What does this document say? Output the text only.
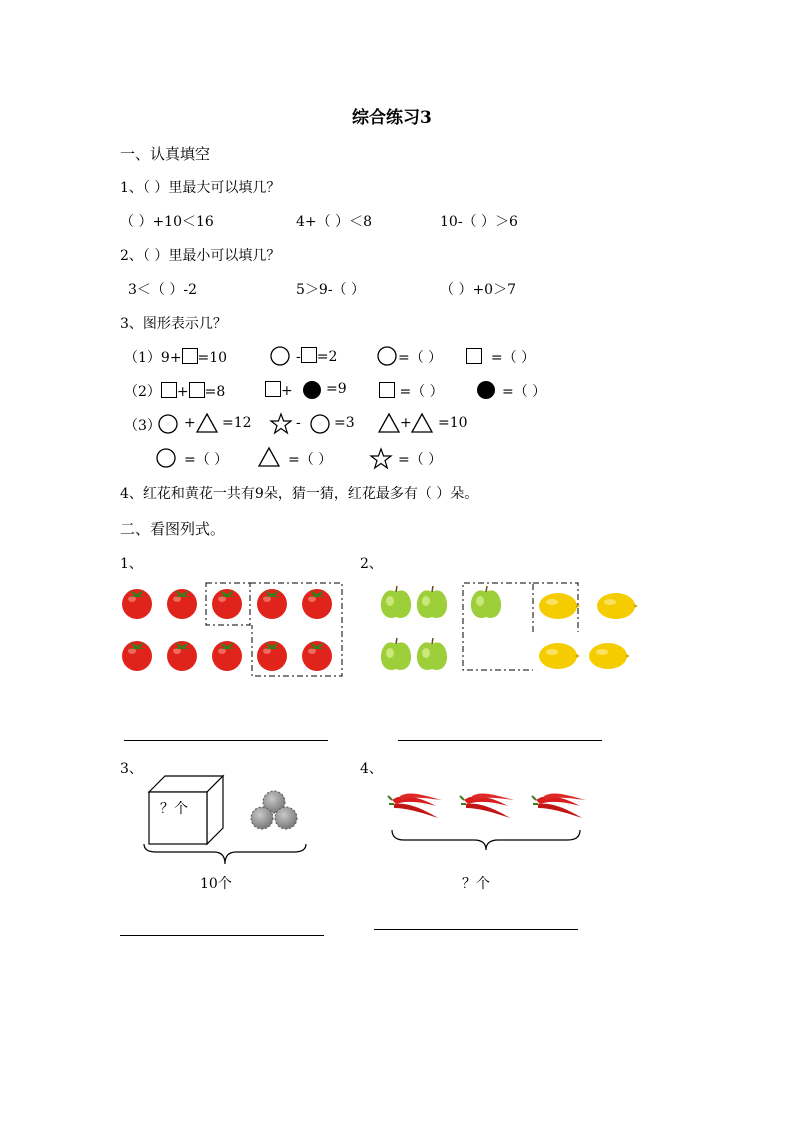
综合练习3
一、认真填空
1、（ ）里最大可以填几？
（ ）+10＜16	4+（ ）＜8	10-（ ）＞6
2、（ ）里最小可以填几？
3＜（ ）-2	5＞9-（ ）	（ ）+0＞7
3、图形表示几？
（1）9+ =10	- =2	=（ ）	=（ ）
（2） + =8	+ =9	=（ ）	=（ ）
（3） + =12	- =3	+ =10
=（ ）	=（ ）	=（ ）
4、红花和黄花一共有9朵，猜一猜，红花最多有（ ）朵。
二、看图列式。
1、	2、
3、
？个
10个
4、
？个
